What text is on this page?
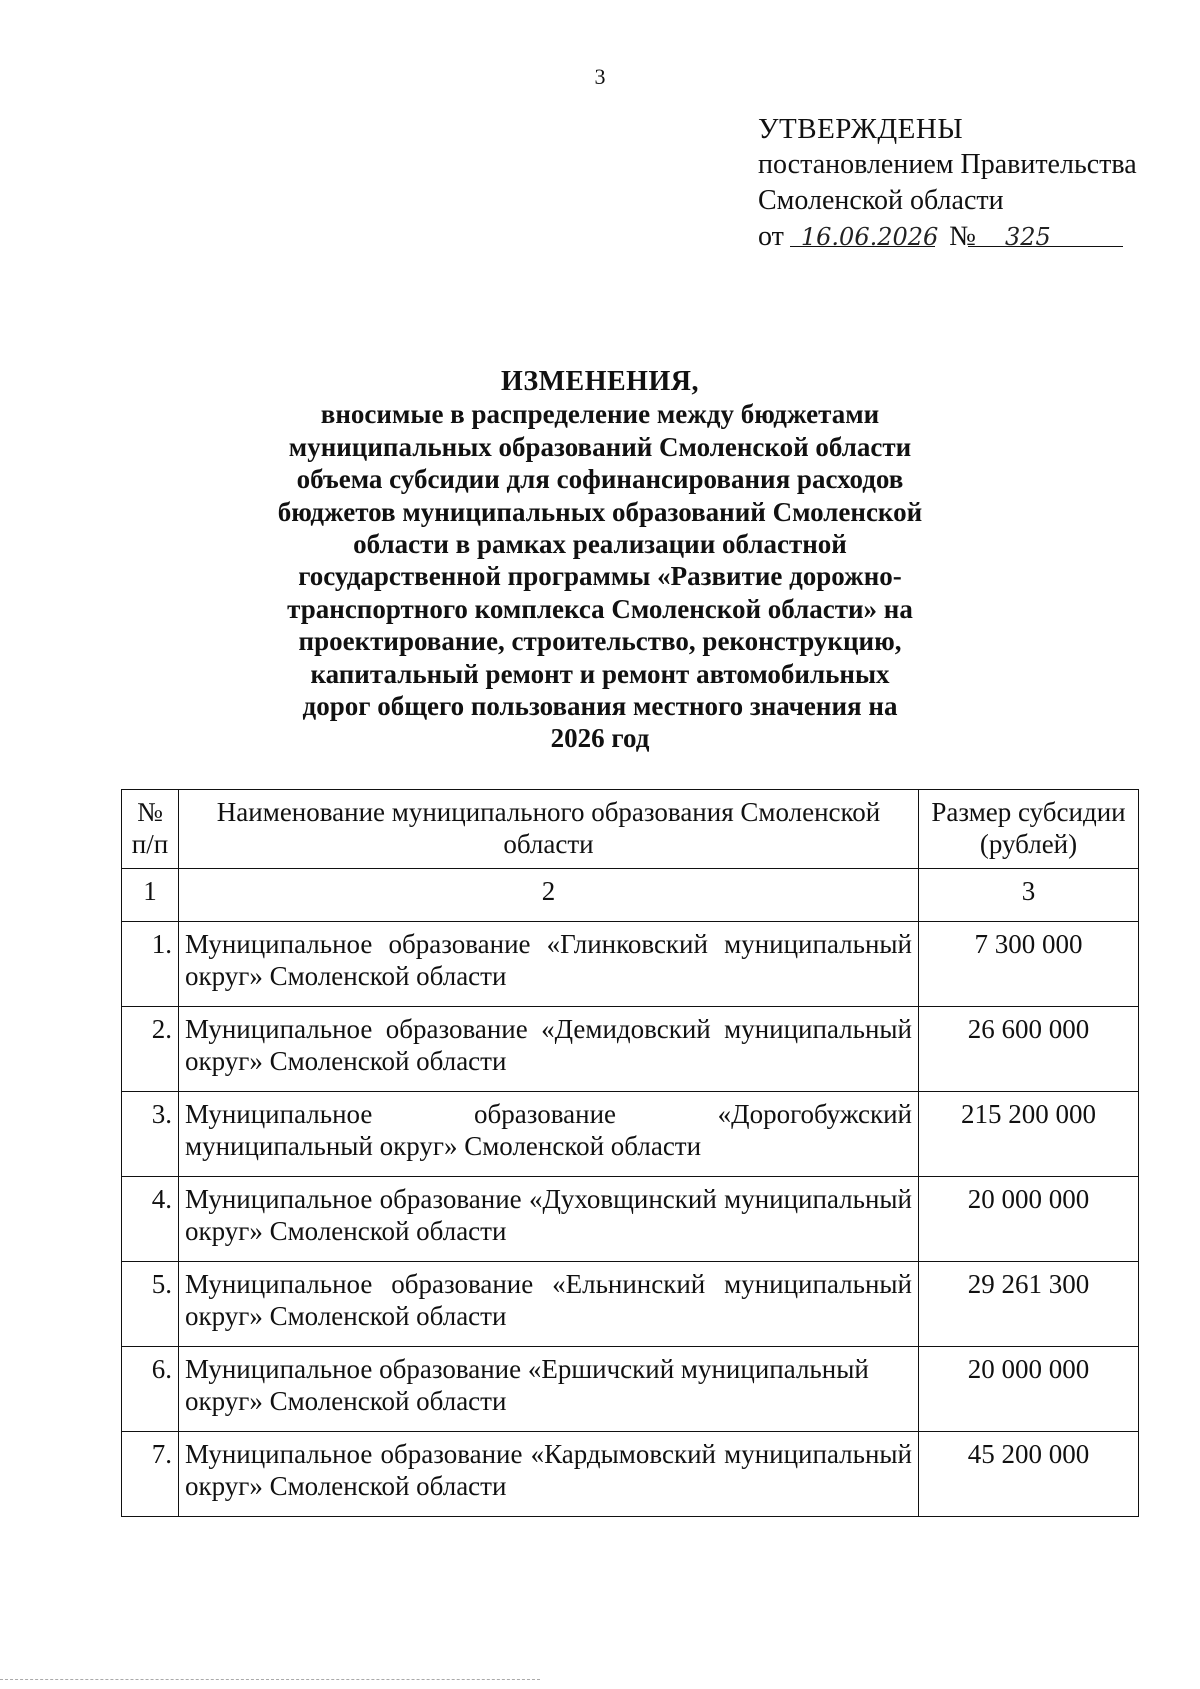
3
УТВЕРЖДЕНЫ
постановлением Правительства
Смоленской области
от 16.06.2026 № 325
ИЗМЕНЕНИЯ,
вносимые в распределение между бюджетами
муниципальных образований Смоленской области
объема субсидии для софинансирования расходов
бюджетов муниципальных образований Смоленской
области в рамках реализации областной
государственной программы «Развитие дорожно-
транспортного комплекса Смоленской области» на
проектирование, строительство, реконструкцию,
капитальный ремонт и ремонт автомобильных
дорог общего пользования местного значения на
2026 год
№ п/п	Наименование муниципального образования Смоленской области	Размер субсидии (рублей)
1	2	3
1.	Муниципальное образование «Глинковский муниципальный округ» Смоленской области	7 300 000
2.	Муниципальное образование «Демидовский муниципальный округ» Смоленской области	26 600 000
3.	Муниципальное образование «Дорогобужский муниципальный округ» Смоленской области	215 200 000
4.	Муниципальное образование «Духовщинский муниципальный округ» Смоленской области	20 000 000
5.	Муниципальное образование «Ельнинский муниципальный округ» Смоленской области	29 261 300
6.	Муниципальное образование «Ершичский муниципальный округ» Смоленской области	20 000 000
7.	Муниципальное образование «Кардымовский муниципальный округ» Смоленской области	45 200 000
